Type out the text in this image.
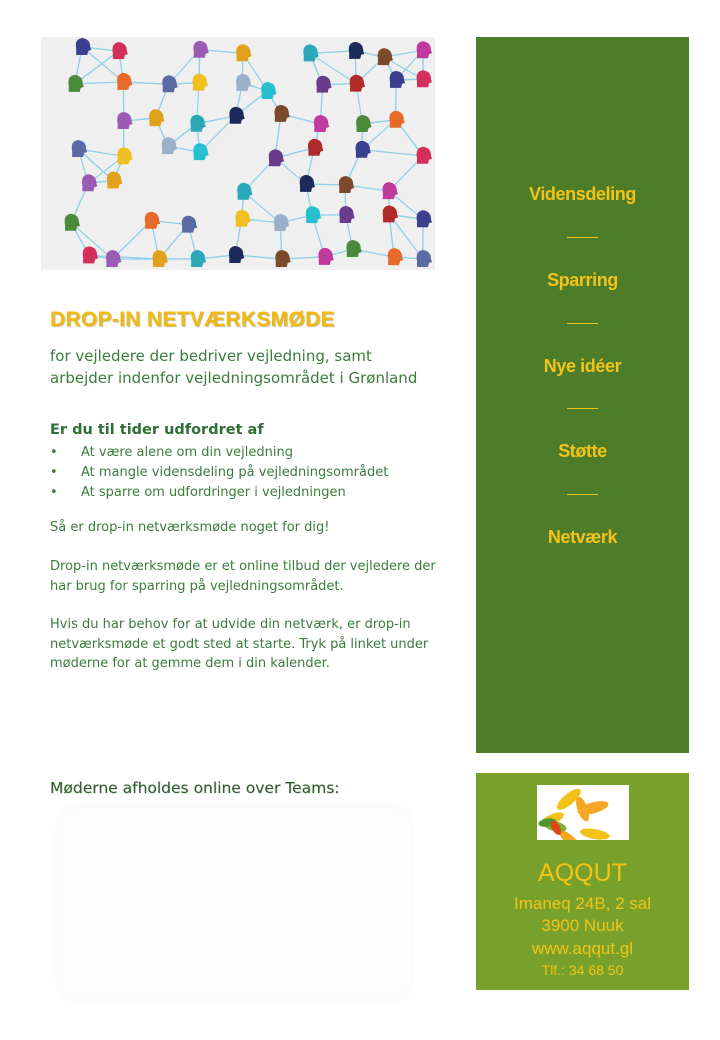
DROP-IN NETVÆRKSMØDE
for vejledere der bedriver vejledning, samt
arbejder indenfor vejledningsområdet i Grønland
Er du til tider udfordret af
• At være alene om din vejledning
• At mangle vidensdeling på vejledningsområdet
• At sparre om udfordringer i vejledningen

Så er drop-in netværksmøde noget for dig!

Drop-in netværksmøde er et online tilbud der vejledere der har brug for sparring på vejledningsområdet.

Hvis du har behov for at udvide din netværk, er drop-in netværksmøde et godt sted at starte. Tryk på linket under møderne for at gemme dem i din kalender.

Møderne afholdes online over Teams:
Vidensdeling
Sparring
Nye idéer
Støtte
Netværk
AQQUT
Imaneq 24B, 2 sal
3900 Nuuk
www.aqqut.gl
Tlf.: 34 68 50
